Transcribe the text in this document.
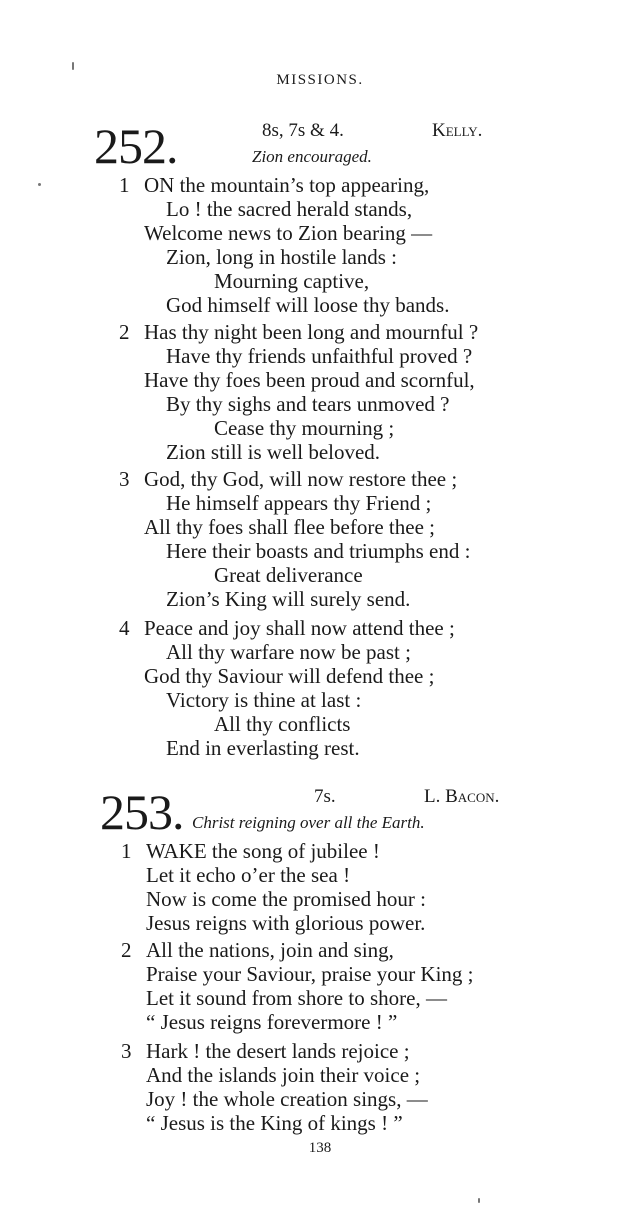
MISSIONS.
252.	8s, 7s & 4.	Kelly.
Zion encouraged.
1 ON the mountain’s top appearing,
Lo ! the sacred herald stands,
Welcome news to Zion bearing —
Zion, long in hostile lands :
Mourning captive,
God himself will loose thy bands.
2 Has thy night been long and mournful ?
Have thy friends unfaithful proved ?
Have thy foes been proud and scornful,
By thy sighs and tears unmoved ?
Cease thy mourning ;
Zion still is well beloved.
3 God, thy God, will now restore thee ;
He himself appears thy Friend ;
All thy foes shall flee before thee ;
Here their boasts and triumphs end :
Great deliverance
Zion’s King will surely send.
4 Peace and joy shall now attend thee ;
All thy warfare now be past ;
God thy Saviour will defend thee ;
Victory is thine at last :
All thy conflicts
End in everlasting rest.
253.	7s.	L. Bacon.
Christ reigning over all the Earth.
1 WAKE the song of jubilee !
Let it echo o’er the sea !
Now is come the promised hour :
Jesus reigns with glorious power.
2 All the nations, join and sing,
Praise your Saviour, praise your King ;
Let it sound from shore to shore, —
“ Jesus reigns forevermore ! ”
3 Hark ! the desert lands rejoice ;
And the islands join their voice ;
Joy ! the whole creation sings, —
“ Jesus is the King of kings ! ”
138
